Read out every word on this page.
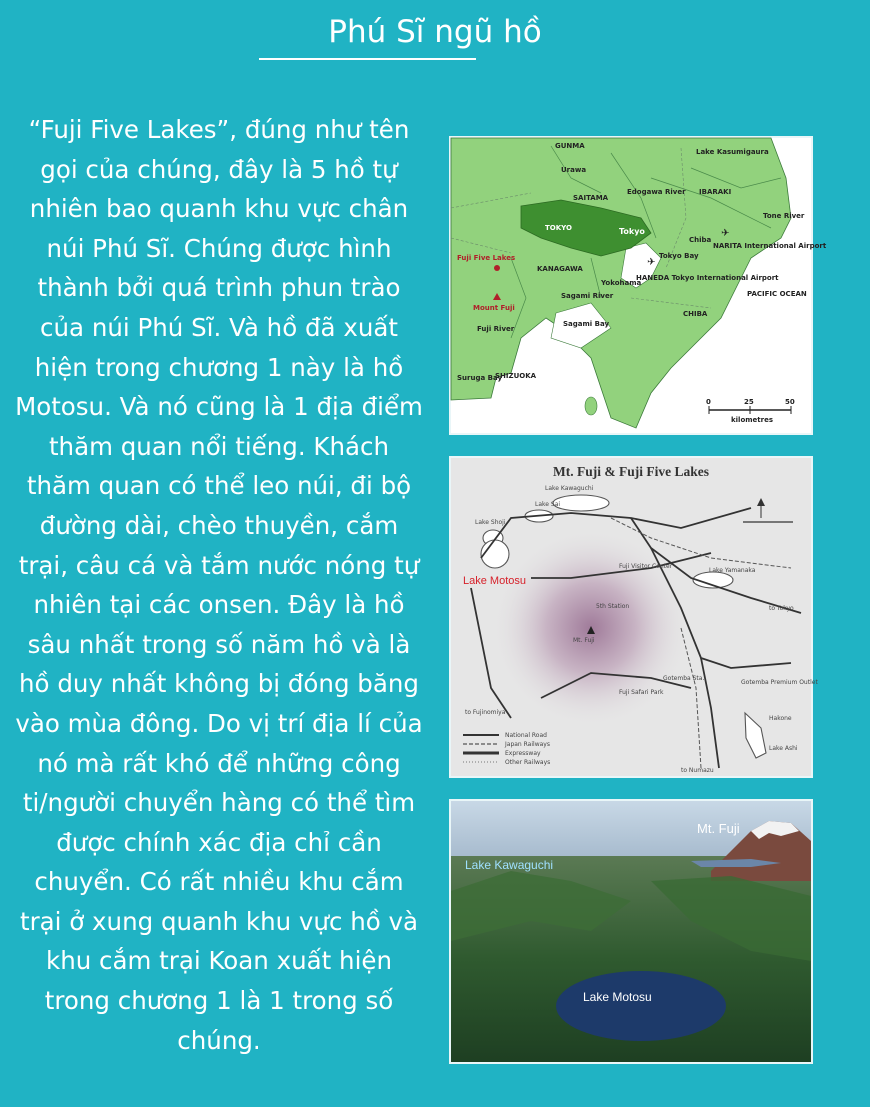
Phú Sĩ ngũ hồ

“Fuji Five Lakes”, đúng như tên gọi của chúng, đây là 5 hồ tự nhiên bao quanh khu vực chân núi Phú Sĩ. Chúng được hình thành bởi quá trình phun trào của núi Phú Sĩ. Và hồ đã xuất hiện trong chương 1 này là hồ Motosu. Và nó cũng là 1 địa điểm thăm quan nổi tiếng. Khách thăm quan có thể leo núi, đi bộ đường dài, chèo thuyền, cắm trại, câu cá và tắm nước nóng tự nhiên tại các onsen. Đây là hồ sâu nhất trong số năm hồ và là hồ duy nhất không bị đóng băng vào mùa đông. Do vị trí địa lí của nó mà rất khó để những công ti/người chuyển hàng có thể tìm được chính xác địa chỉ cần chuyển. Có rất nhiều khu cắm trại ở xung quanh khu vực hồ và khu cắm trại Koan xuất hiện trong chương 1 là 1 trong số chúng.

GUNMA
Lake Kasumigaura
Urawa
SAITAMA
Edogawa River IBARAKI
Tone River
TOKYO	Tokyo
NARITA International Airport
Chiba
Fuji Five Lakes
KANAGAWA
HANEDA Tokyo International Airport
Tokyo Bay
Yokohama
Mount Fuji
Sagami River	PACIFIC OCEAN
CHIBA
Fuji River
Sagami Bay
Suruga Bay
SHIZUOKA
✈
✈
0	25	50
kilometres
Mt. Fuji & Fuji Five Lakes
Lake Kawaguchi
Lake Sai
Lake Shoji
Lake Motosu
Lake Yamanaka
Mt. Fuji
Fuji Visitor Center
5th Station
Gotemba Sta.
Lake Ashi
Hakone
to Tokyo
to Numazu
to Fujinomiya
Fuji Safari Park
Gotemba Premium Outlet
National Road
Japan Railways
Expressway
Other Railways
Mt. Fuji
Lake Kawaguchi
Lake Motosu
